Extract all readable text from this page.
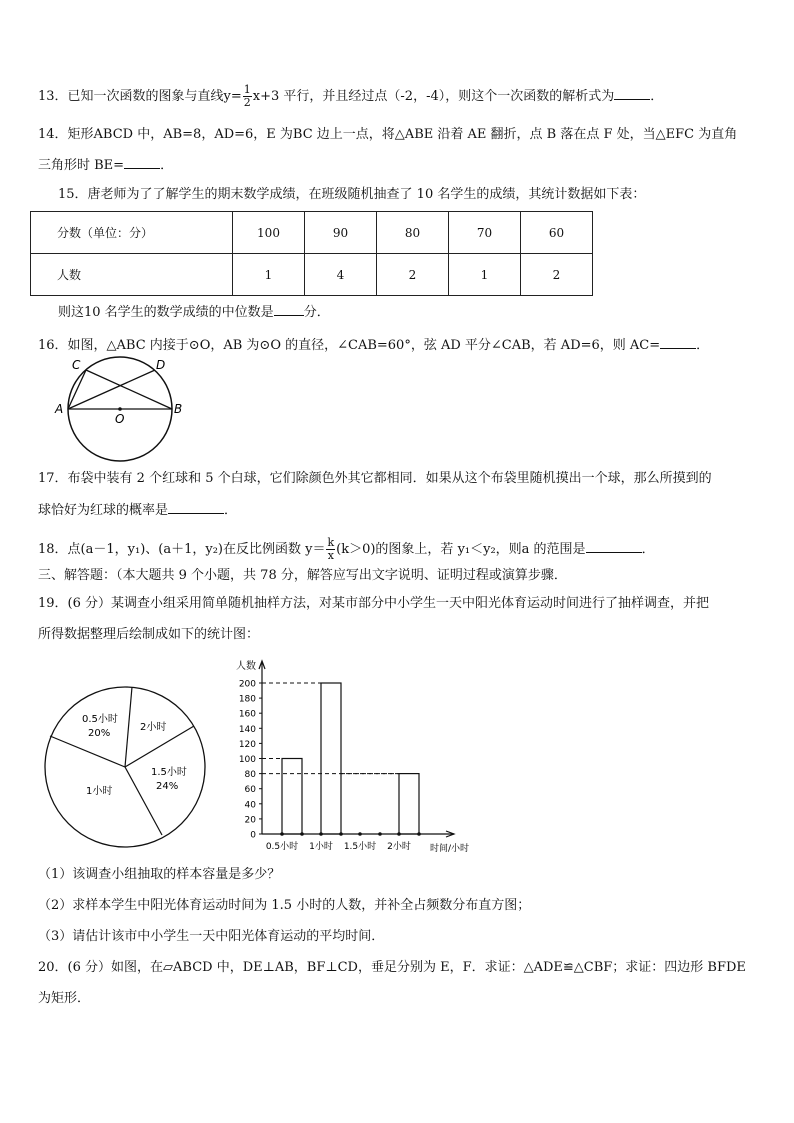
13．已知一次函数的图象与直线$y= \frac{1}{2} x+3$ 平行，并且经过点（-2，-4），则这个一次函数的解析式为	．
14．矩形ABCD 中，AB=8，AD=6，E 为BC 边上一点，将△ABE 沿着 AE 翻折，点 B 落在点 F 处，当△EFC 为直角
三角形时 BE=	．
15．唐老师为了了解学生的期末数学成绩，在班级随机抽查了 10 名学生的成绩，其统计数据如下表：
分数（单位：分）	100	90	80	70	60
人数	1	4	2	1	2
则这10 名学生的数学成绩的中位数是 分．
16．如图，△ABC 内接于⊙O，AB 为⊙O 的直径，∠CAB=60°，弦 AD 平分∠CAB，若 AD=6，则 AC=	．
C	D
A	B
O
17．布袋中装有 2 个红球和 5 个白球，它们除颜色外其它都相同．如果从这个布袋里随机摸出一个球，那么所摸到的
球恰好为红球的概率是	．
18．点(a－1，y₁)、(a＋1，y₂)在反比例函数 $y= \frac{k}{x} (k>0)$的图象上，若 y₁＜y₂，则a 的范围是	．
三、解答题：（本大题共 9 个小题，共 78 分，解答应写出文字说明、证明过程或演算步骤．
19．(6 分）某调查小组采用简单随机抽样方法，对某市部分中小学生一天中阳光体育运动时间进行了抽样调查，并把
所得数据整理后绘制成如下的统计图：
0.5小时
20%
2小时
1.5小时
24%
1小时
人数
时间/小时
0
20
40
60
80
100
120
140
160
180
200
0.5小时 1小时 1.5小时 2小时
（1）该调查小组抽取的样本容量是多少？
（2）求样本学生中阳光体育运动时间为 1.5 小时的人数，并补全占频数分布直方图；
（3）请估计该市中小学生一天中阳光体育运动的平均时间．
20．(6 分）如图，在▱ABCD 中，DE⊥AB，BF⊥CD，垂足分别为 E，F．求证：△ADE≌△CBF；求证：四边形 BFDE
为矩形．
